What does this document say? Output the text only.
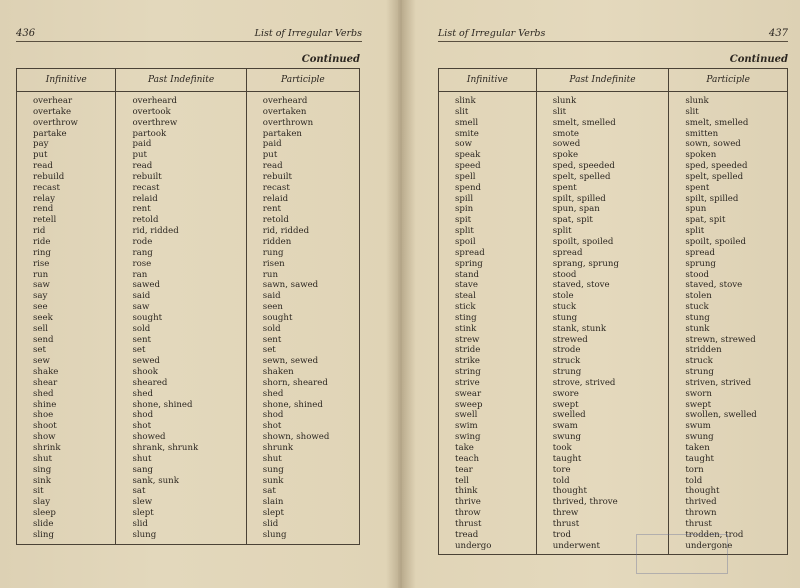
436	List of Irregular Verbs
Continued
Infinitive	Past Indefinite	Participle
overhear	overheard	overheard
overtake	overtook	overtaken
overthrow	overthrew	overthrown
partake	partook	partaken
pay	paid	paid
put	put	put
read	read	read
rebuild	rebuilt	rebuilt
recast	recast	recast
relay	relaid	relaid
rend	rent	rent
retell	retold	retold
rid	rid, ridded	rid, ridded
ride	rode	ridden
ring	rang	rung
rise	rose	risen
run	ran	run
saw	sawed	sawn, sawed
say	said	said
see	saw	seen
seek	sought	sought
sell	sold	sold
send	sent	sent
set	set	set
sew	sewed	sewn, sewed
shake	shook	shaken
shear	sheared	shorn, sheared
shed	shed	shed
shine	shone, shined	shone, shined
shoe	shod	shod
shoot	shot	shot
show	showed	shown, showed
shrink	shrank, shrunk	shrunk
shut	shut	shut
sing	sang	sung
sink	sank, sunk	sunk
sit	sat	sat
slay	slew	slain
sleep	slept	slept
slide	slid	slid
sling	slung	slung
List of Irregular Verbs	437
Continued
Infinitive	Past Indefinite	Participle
slink	slunk	slunk
slit	slit	slit
smell	smelt, smelled	smelt, smelled
smite	smote	smitten
sow	sowed	sown, sowed
speak	spoke	spoken
speed	sped, speeded	sped, speeded
spell	spelt, spelled	spelt, spelled
spend	spent	spent
spill	spilt, spilled	spilt, spilled
spin	spun, span	spun
spit	spat, spit	spat, spit
split	split	split
spoil	spoilt, spoiled	spoilt, spoiled
spread	spread	spread
spring	sprang, sprung	sprung
stand	stood	stood
stave	staved, stove	staved, stove
steal	stole	stolen
stick	stuck	stuck
sting	stung	stung
stink	stank, stunk	stunk
strew	strewed	strewn, strewed
stride	strode	stridden
strike	struck	struck
string	strung	strung
strive	strove, strived	striven, strived
swear	swore	sworn
sweep	swept	swept
swell	swelled	swollen, swelled
swim	swam	swum
swing	swung	swung
take	took	taken
teach	taught	taught
tear	tore	torn
tell	told	told
think	thought	thought
thrive	thrived, throve	thrived
throw	threw	thrown
thrust	thrust	thrust
tread	trod	trodden, trod
undergo	underwent	undergone
